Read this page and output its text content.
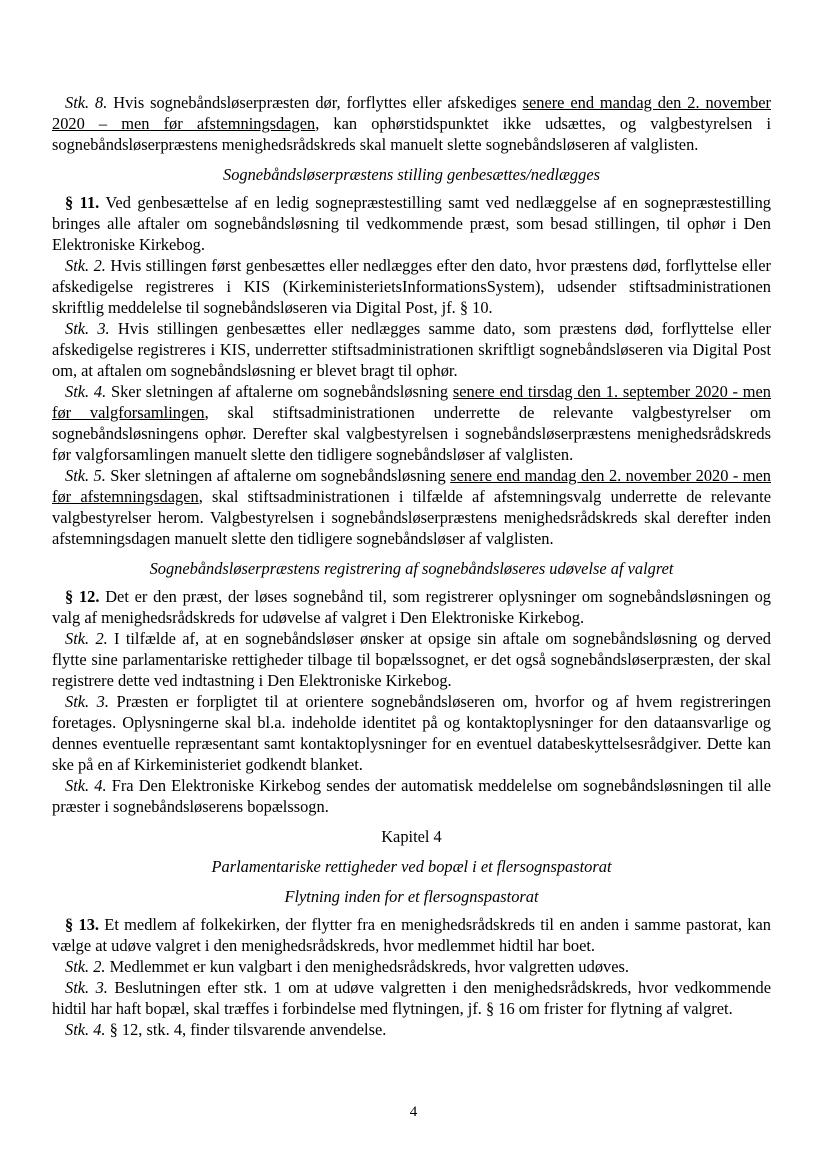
Stk. 8. Hvis sognebåndsløserpræsten dør, forflyttes eller afskediges senere end mandag den 2. november 2020 – men før afstemningsdagen, kan ophørstidspunktet ikke udsættes, og valgbestyrelsen i sognebåndsløserpræstens menighedsrådskreds skal manuelt slette sognebåndsløseren af valglisten.

Sognebåndsløserpræstens stilling genbesættes/nedlægges

§ 11. Ved genbesættelse af en ledig sognepræstestilling samt ved nedlæggelse af en sognepræstestilling bringes alle aftaler om sognebåndsløsning til vedkommende præst, som besad stillingen, til ophør i Den Elektroniske Kirkebog.

Stk. 2. Hvis stillingen først genbesættes eller nedlægges efter den dato, hvor præstens død, forflyttelse eller afskedigelse registreres i KIS (KirkeministerietsInformationsSystem), udsender stiftsadministrationen skriftlig meddelelse til sognebåndsløseren via Digital Post, jf. § 10.

Stk. 3. Hvis stillingen genbesættes eller nedlægges samme dato, som præstens død, forflyttelse eller afskedigelse registreres i KIS, underretter stiftsadministrationen skriftligt sognebåndsløseren via Digital Post om, at aftalen om sognebåndsløsning er blevet bragt til ophør.

Stk. 4. Sker sletningen af aftalerne om sognebåndsløsning senere end tirsdag den 1. september 2020 - men før valgforsamlingen, skal stiftsadministrationen underrette de relevante valgbestyrelser om sognebåndsløsningens ophør. Derefter skal valgbestyrelsen i sognebåndsløserpræstens menighedsrådskreds før valgforsamlingen manuelt slette den tidligere sognebåndsløser af valglisten.

Stk. 5. Sker sletningen af aftalerne om sognebåndsløsning senere end mandag den 2. november 2020 - men før afstemningsdagen, skal stiftsadministrationen i tilfælde af afstemningsvalg underrette de relevante valgbestyrelser herom. Valgbestyrelsen i sognebåndsløserpræstens menighedsrådskreds skal derefter inden afstemningsdagen manuelt slette den tidligere sognebåndsløser af valglisten.

Sognebåndsløserpræstens registrering af sognebåndsløseres udøvelse af valgret

§ 12. Det er den præst, der løses sognebånd til, som registrerer oplysninger om sognebåndsløsningen og valg af menighedsrådskreds for udøvelse af valgret i Den Elektroniske Kirkebog.

Stk. 2. I tilfælde af, at en sognebåndsløser ønsker at opsige sin aftale om sognebåndsløsning og derved flytte sine parlamentariske rettigheder tilbage til bopælssognet, er det også sognebåndsløserpræsten, der skal registrere dette ved indtastning i Den Elektroniske Kirkebog.

Stk. 3. Præsten er forpligtet til at orientere sognebåndsløseren om, hvorfor og af hvem registreringen foretages. Oplysningerne skal bl.a. indeholde identitet på og kontaktoplysninger for den dataansvarlige og dennes eventuelle repræsentant samt kontaktoplysninger for en eventuel databeskyttelsesrådgiver. Dette kan ske på en af Kirkeministeriet godkendt blanket.

Stk. 4. Fra Den Elektroniske Kirkebog sendes der automatisk meddelelse om sognebåndsløsningen til alle præster i sognebåndsløserens bopælssogn.

Kapitel 4

Parlamentariske rettigheder ved bopæl i et flersognspastorat

Flytning inden for et flersognspastorat

§ 13. Et medlem af folkekirken, der flytter fra en menighedsrådskreds til en anden i samme pastorat, kan vælge at udøve valgret i den menighedsrådskreds, hvor medlemmet hidtil har boet.

Stk. 2. Medlemmet er kun valgbart i den menighedsrådskreds, hvor valgretten udøves.

Stk. 3. Beslutningen efter stk. 1 om at udøve valgretten i den menighedsrådskreds, hvor vedkommende hidtil har haft bopæl, skal træffes i forbindelse med flytningen, jf. § 16 om frister for flytning af valgret.

Stk. 4. § 12, stk. 4, finder tilsvarende anvendelse.

4
